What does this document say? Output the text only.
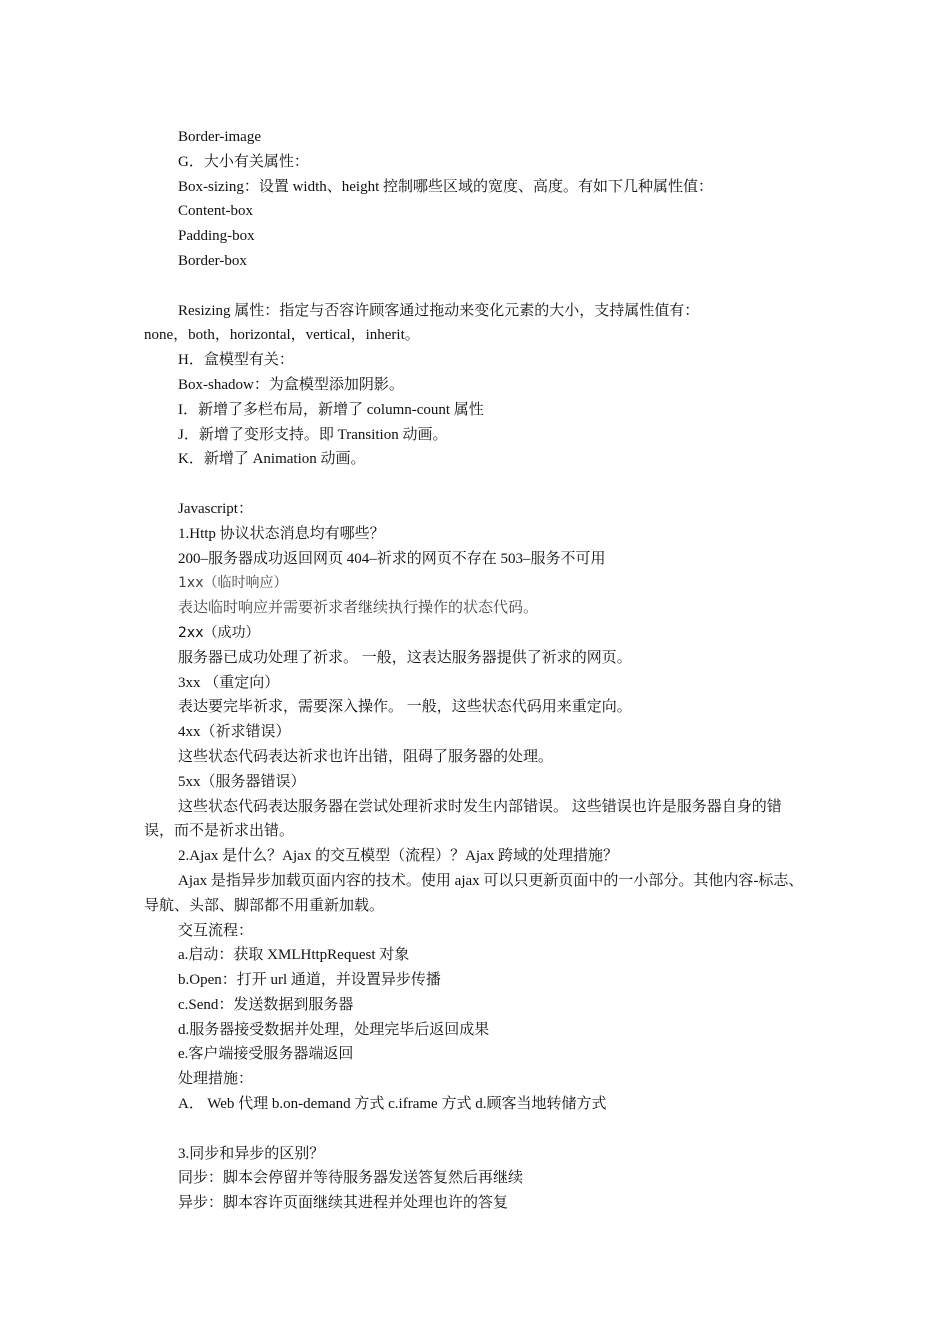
Border-image

G．大小有关属性：

Box-sizing：设置 width、height 控制哪些区域的宽度、高度。有如下几种属性值：

Content-box

Padding-box

Border-box

Resizing 属性：指定与否容许顾客通过拖动来变化元素的大小，支持属性值有：

none，both，horizontal，vertical，inherit。

H．盒模型有关：

Box-shadow：为盒模型添加阴影。

I．新增了多栏布局，新增了 column-count 属性

J．新增了变形支持。即 Transition 动画。

K．新增了 Animation 动画。

Javascript：

1.Http 协议状态消息均有哪些？

200–服务器成功返回网页 404–祈求的网页不存在 503–服务不可用

1xx（临时响应）

表达临时响应并需要祈求者继续执行操作的状态代码。

2xx（成功）

服务器已成功处理了祈求。 一般，这表达服务器提供了祈求的网页。

3xx （重定向）

表达要完毕祈求，需要深入操作。 一般，这些状态代码用来重定向。

4xx（祈求错误）

这些状态代码表达祈求也许出错，阻碍了服务器的处理。

5xx（服务器错误）

这些状态代码表达服务器在尝试处理祈求时发生内部错误。 这些错误也许是服务器自身的错误，而不是祈求出错。

2.Ajax 是什么？Ajax 的交互模型（流程）？Ajax 跨域的处理措施？

Ajax 是指异步加载页面内容的技术。使用 ajax 可以只更新页面中的一小部分。其他内容-标志、导航、头部、脚部都不用重新加载。

交互流程：

a.启动：获取 XMLHttpRequest 对象

b.Open：打开 url 通道，并设置异步传播

c.Send：发送数据到服务器

d.服务器接受数据并处理，处理完毕后返回成果

e.客户端接受服务器端返回

处理措施：

A． Web 代理 b.on-demand 方式 c.iframe 方式 d.顾客当地转储方式

3.同步和异步的区别？

同步：脚本会停留并等待服务器发送答复然后再继续

异步：脚本容许页面继续其进程并处理也许的答复
